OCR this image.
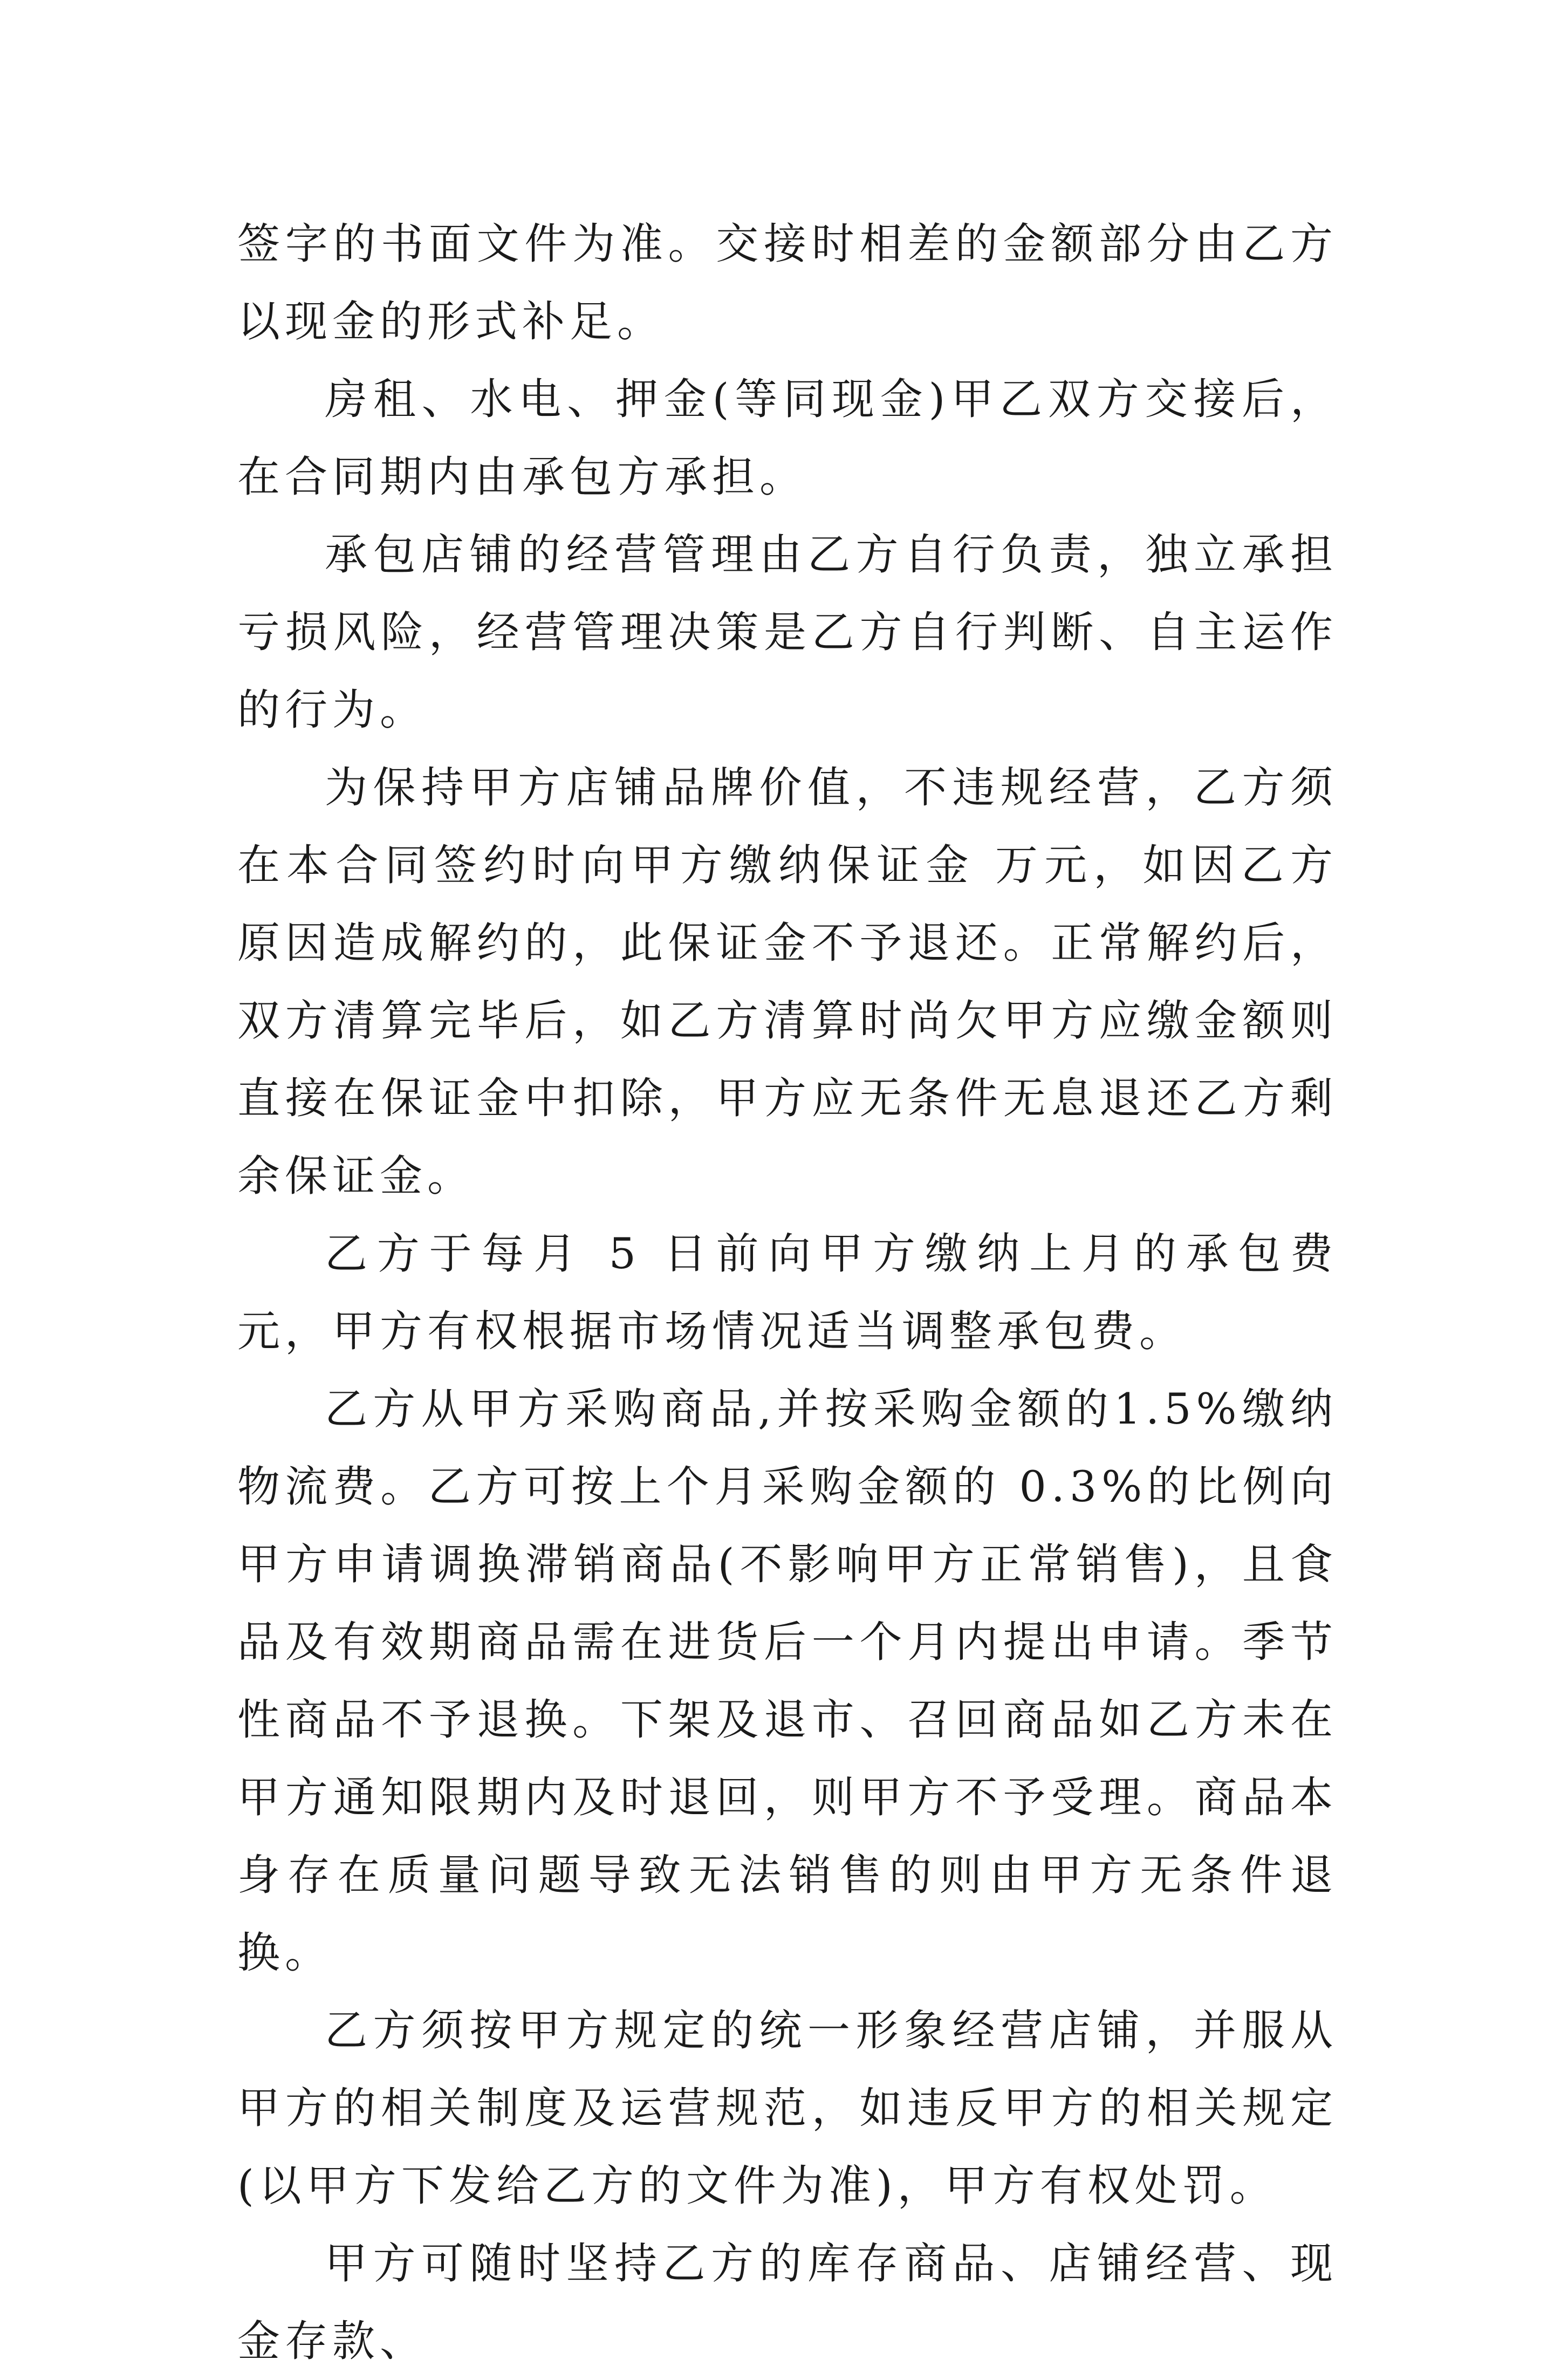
签字的书面文件为准。交接时相差的金额部分由乙方以现金的形式补足。

房租、水电、押金(等同现金)甲乙双方交接后，在合同期内由承包方承担。

承包店铺的经营管理由乙方自行负责，独立承担亏损风险，经营管理决策是乙方自行判断、自主运作的行为。

为保持甲方店铺品牌价值，不违规经营，乙方须在本合同签约时向甲方缴纳保证金 万元，如因乙方原因造成解约的，此保证金不予退还。正常解约后，双方清算完毕后，如乙方清算时尚欠甲方应缴金额则直接在保证金中扣除，甲方应无条件无息退还乙方剩余保证金。

乙方于每月 5 日前向甲方缴纳上月的承包费 元，甲方有权根据市场情况适当调整承包费。

乙方从甲方采购商品,并按采购金额的1.5%缴纳物流费。乙方可按上个月采购金额的 0.3%的比例向甲方申请调换滞销商品(不影响甲方正常销售)，且食品及有效期商品需在进货后一个月内提出申请。季节性商品不予退换。下架及退市、召回商品如乙方未在甲方通知限期内及时退回，则甲方不予受理。商品本身存在质量问题导致无法销售的则由甲方无条件退换。

乙方须按甲方规定的统一形象经营店铺，并服从甲方的相关制度及运营规范，如违反甲方的相关规定(以甲方下发给乙方的文件为准)，甲方有权处罚。

甲方可随时坚持乙方的库存商品、店铺经营、现金存款、
